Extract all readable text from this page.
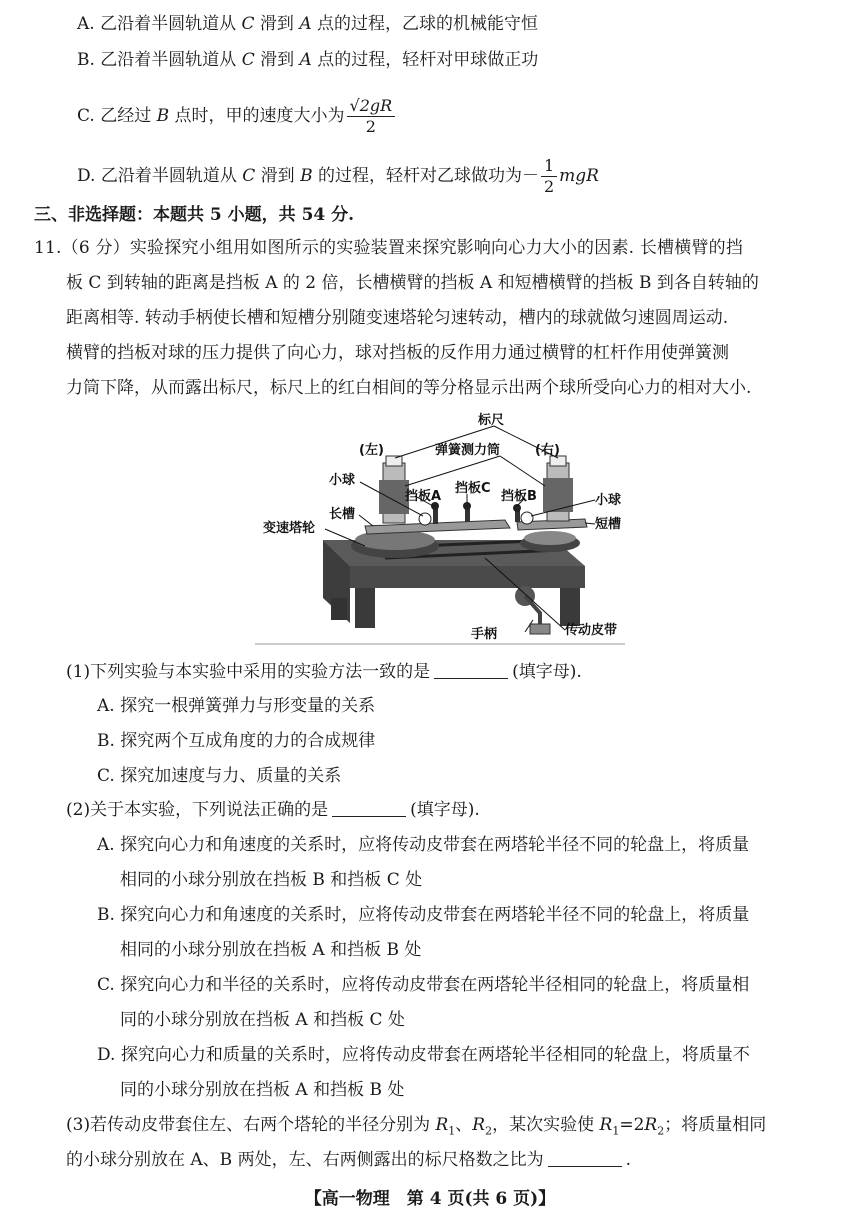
A. 乙沿着半圆轨道从 C 滑到 A 点的过程，乙球的机械能守恒
B. 乙沿着半圆轨道从 C 滑到 A 点的过程，轻杆对甲球做正功
C. 乙经过 B 点时，甲的速度大小为 $\frac{√2gR}{2}$
D. 乙沿着半圆轨道从 C 滑到 B 的过程，轻杆对乙球做功为－ $\frac{1}{2}$ mgR
三、非选择题：本题共 5 小题，共 54 分.
11.（6 分）实验探究小组用如图所示的实验装置来探究影响向心力大小的因素. 长槽横臂的挡
板 C 到转轴的距离是挡板 A 的 2 倍，长槽横臂的挡板 A 和短槽横臂的挡板 B 到各自转轴的
距离相等. 转动手柄使长槽和短槽分别随变速塔轮匀速转动，槽内的球就做匀速圆周运动.
横臂的挡板对球的压力提供了向心力，球对挡板的反作用力通过横臂的杠杆作用使弹簧测
力筒下降，从而露出标尺，标尺上的红白相间的等分格显示出两个球所受向心力的相对大小.
标尺
(左)	(右)
弹簧测力筒
小球
挡板A
挡板C
挡板B	小球
长槽
短槽
变速塔轮
手柄	传动皮带
(1)下列实验与本实验中采用的实验方法一致的是	(填字母).
A. 探究一根弹簧弹力与形变量的关系
B. 探究两个互成角度的力的合成规律
C. 探究加速度与力、质量的关系
(2)关于本实验，下列说法正确的是	(填字母).
A. 探究向心力和角速度的关系时，应将传动皮带套在两塔轮半径不同的轮盘上，将质量
相同的小球分别放在挡板 B 和挡板 C 处
B. 探究向心力和角速度的关系时，应将传动皮带套在两塔轮半径不同的轮盘上，将质量
相同的小球分别放在挡板 A 和挡板 B 处
C. 探究向心力和半径的关系时，应将传动皮带套在两塔轮半径相同的轮盘上，将质量相
同的小球分别放在挡板 A 和挡板 C 处
D. 探究向心力和质量的关系时，应将传动皮带套在两塔轮半径相同的轮盘上，将质量不
同的小球分别放在挡板 A 和挡板 B 处
(3)若传动皮带套住左、右两个塔轮的半径分别为 $R_1$、$R_2$，某次实验使 $R_1=2R_2$；将质量相同
的小球分别放在 A、B 两处，左、右两侧露出的标尺格数之比为	.
【高一物理　第 4 页(共 6 页)】
